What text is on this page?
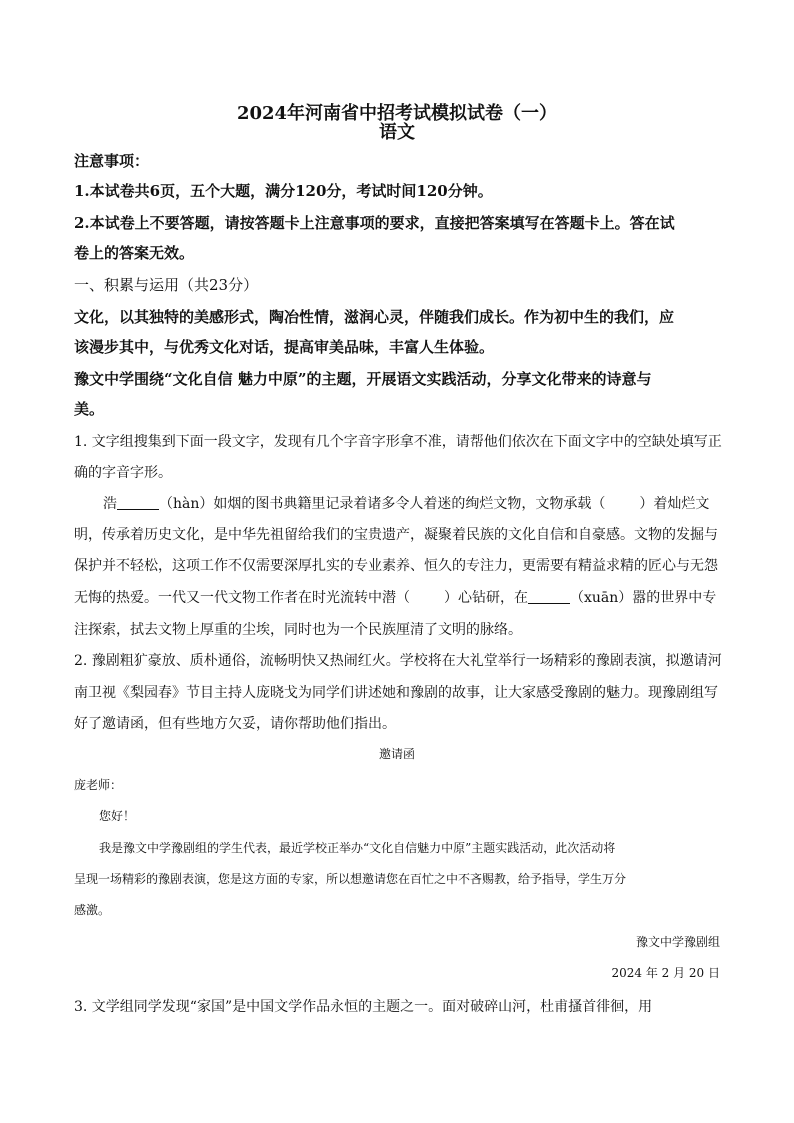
2024年河南省中招考试模拟试卷（一）
语文
注意事项：
1.本试卷共6页，五个大题，满分120分，考试时间120分钟。
2.本试卷上不要答题，请按答题卡上注意事项的要求，直接把答案填写在答题卡上。答在试
卷上的答案无效。
一、积累与运用（共23分）
文化，以其独特的美感形式，陶冶性情，滋润心灵，伴随我们成长。作为初中生的我们，应
该漫步其中，与优秀文化对话，提高审美品味，丰富人生体验。
豫文中学围绕“文化自信 魅力中原”的主题，开展语文实践活动，分享文化带来的诗意与
美。
1. 文字组搜集到下面一段文字，发现有几个字音字形拿不准，请帮他们依次在下面文字中的空缺处填写正
确的字音字形。
浩	（hàn）如烟的图书典籍里记录着诸多令人着迷的绚烂文物，文物承载（ ）着灿烂文
明，传承着历史文化，是中华先祖留给我们的宝贵遗产，凝聚着民族的文化自信和自豪感。文物的发掘与
保护并不轻松，这项工作不仅需要深厚扎实的专业素养、恒久的专注力，更需要有精益求精的匠心与无怨
无悔的热爱。一代又一代文物工作者在时光流转中潜（ ）心钻研，在	（xuān）嚣的世界中专
注探索，拭去文物上厚重的尘埃，同时也为一个民族厘清了文明的脉络。
2. 豫剧粗犷豪放、质朴通俗，流畅明快又热闹红火。学校将在大礼堂举行一场精彩的豫剧表演，拟邀请河
南卫视《梨园春》节目主持人庞晓戈为同学们讲述她和豫剧的故事，让大家感受豫剧的魅力。现豫剧组写
好了邀请函，但有些地方欠妥，请你帮助他们指出。
邀请函
庞老师：
您好！
我是豫文中学豫剧组的学生代表，最近学校正举办“文化自信魅力中原”主题实践活动，此次活动将
呈现一场精彩的豫剧表演，您是这方面的专家，所以想邀请您在百忙之中不吝赐教，给予指导，学生万分
感激。
豫文中学豫剧组
2024 年 2 月 20 日
3. 文学组同学发现“家国”是中国文学作品永恒的主题之一。面对破碎山河，杜甫搔首徘徊，用
